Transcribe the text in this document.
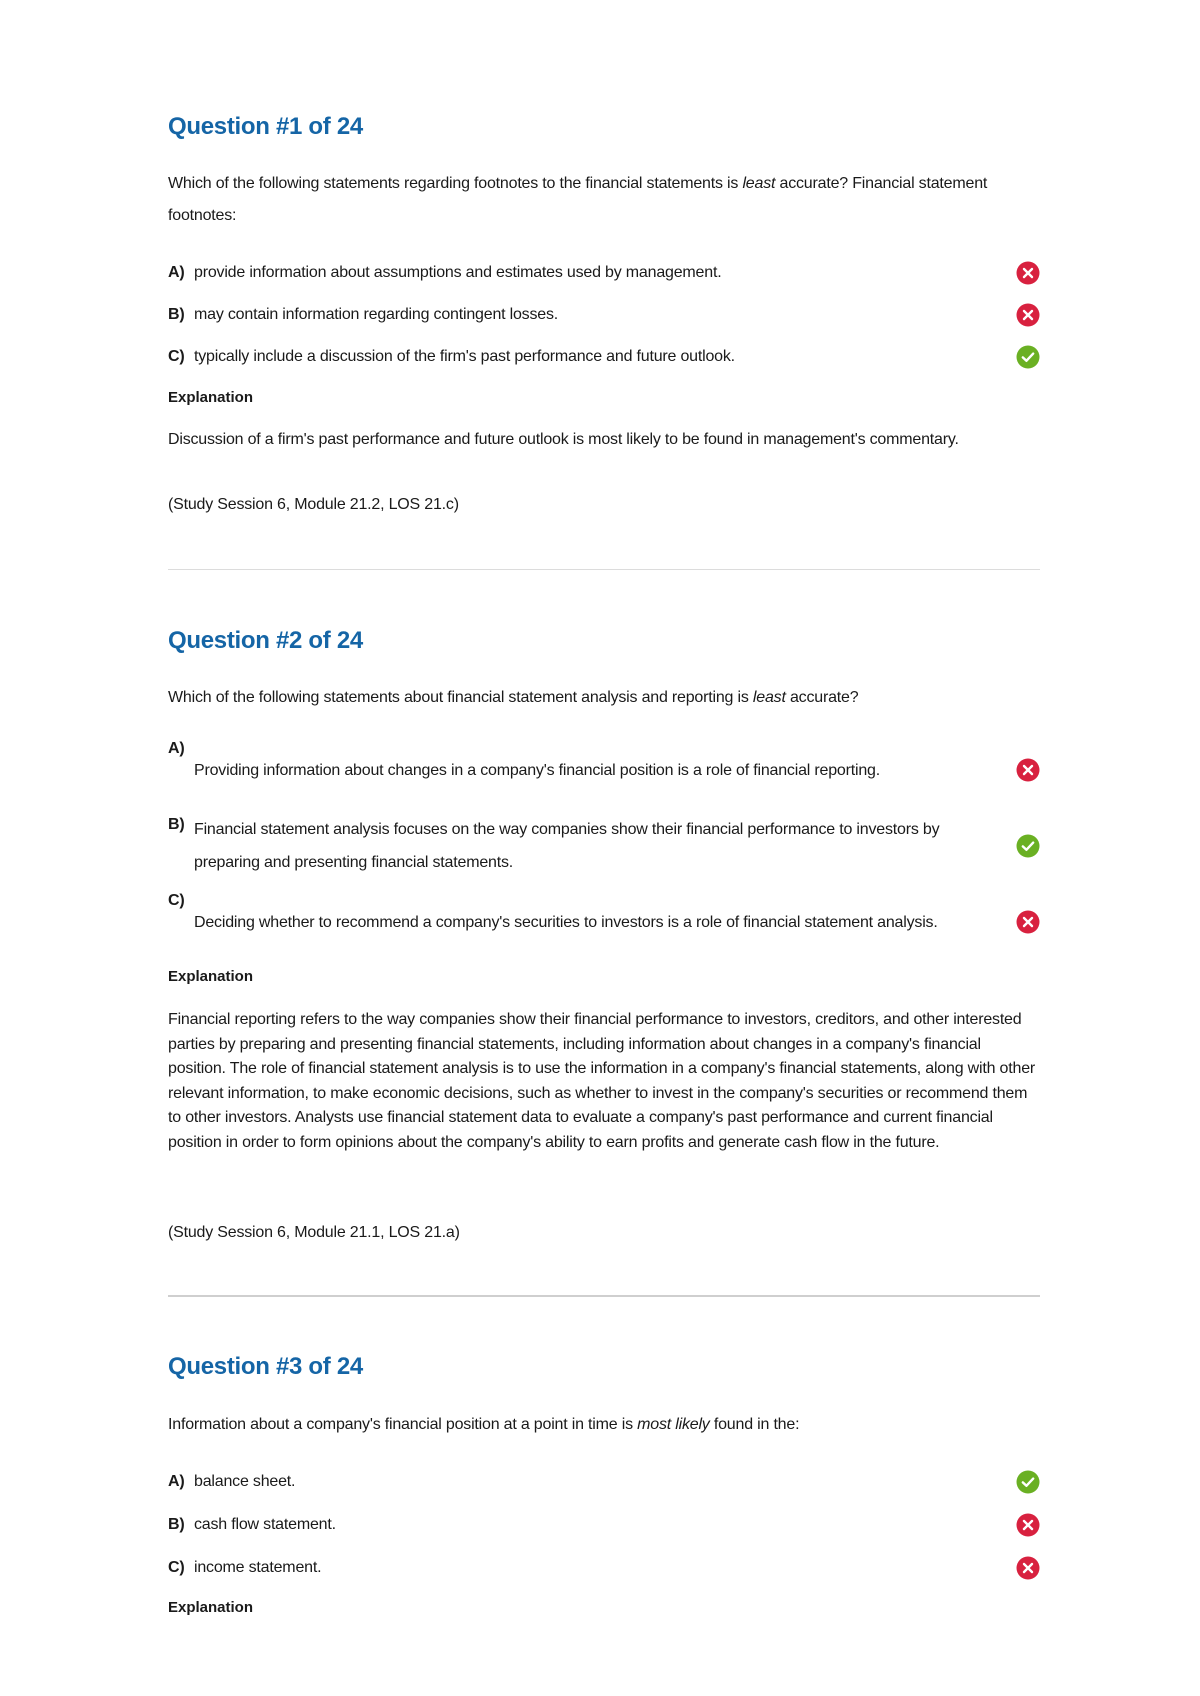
Question #1 of 24

Which of the following statements regarding footnotes to the financial statements is least accurate? Financial statement footnotes:

A) provide information about assumptions and estimates used by management.
B) may contain information regarding contingent losses.
C) typically include a discussion of the firm's past performance and future outlook.
Explanation

Discussion of a firm's past performance and future outlook is most likely to be found in management's commentary.

(Study Session 6, Module 21.2, LOS 21.c)

Question #2 of 24

Which of the following statements about financial statement analysis and reporting is least accurate?

A)
Providing information about changes in a company's financial position is a role of financial reporting.
B) Financial statement analysis focuses on the way companies show their financial performance to investors by preparing and presenting financial statements.
C)
Deciding whether to recommend a company's securities to investors is a role of financial statement analysis.
Explanation

Financial reporting refers to the way companies show their financial performance to investors, creditors, and other interested parties by preparing and presenting financial statements, including information about changes in a company's financial position. The role of financial statement analysis is to use the information in a company's financial statements, along with other relevant information, to make economic decisions, such as whether to invest in the company's securities or recommend them to other investors. Analysts use financial statement data to evaluate a company's past performance and current financial position in order to form opinions about the company's ability to earn profits and generate cash flow in the future.

(Study Session 6, Module 21.1, LOS 21.a)

Question #3 of 24

Information about a company's financial position at a point in time is most likely found in the:

A) balance sheet.
B) cash flow statement.
C) income statement.
Explanation
